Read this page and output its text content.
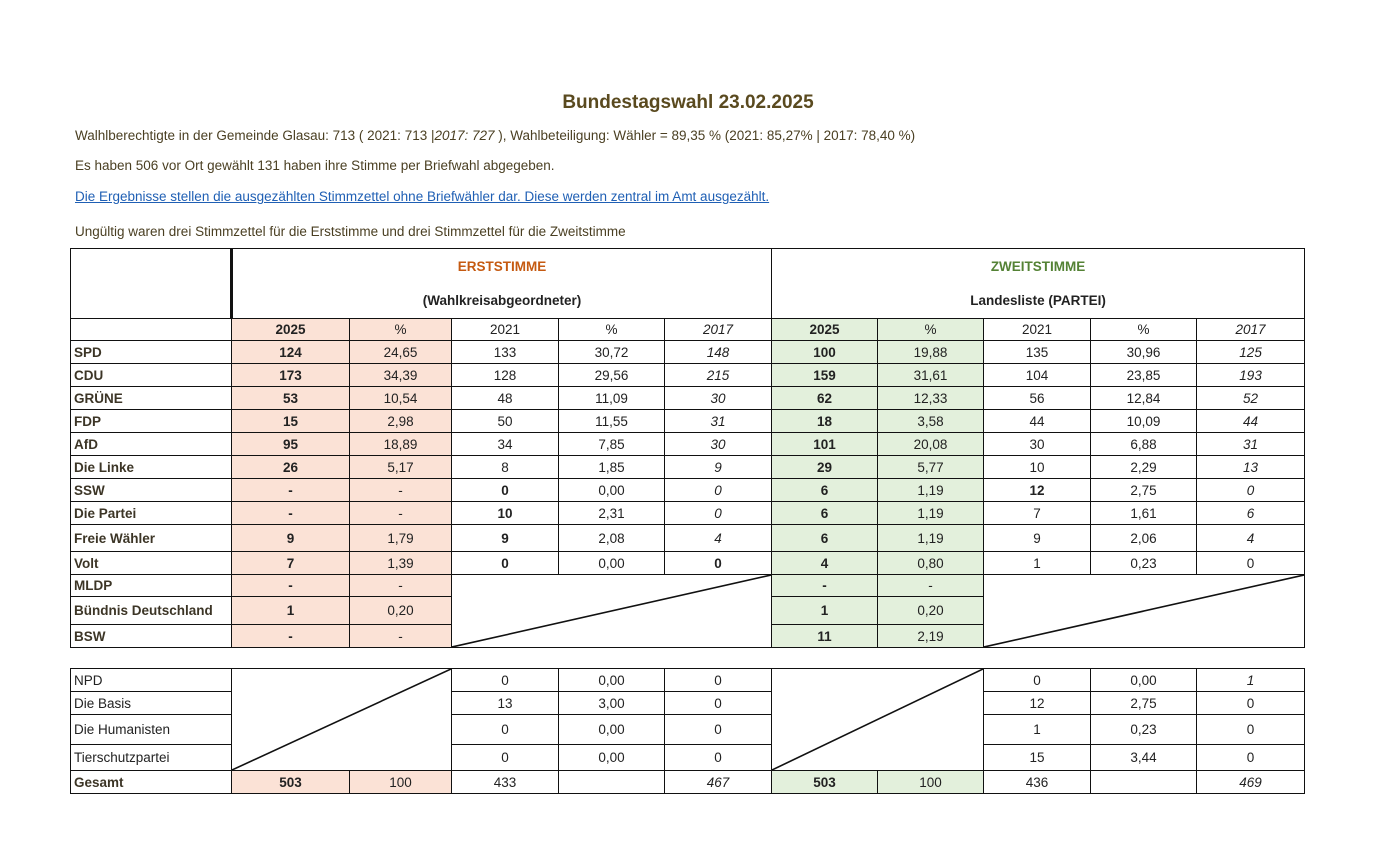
Bundestagswahl 23.02.2025
Walhlberechtigte in der Gemeinde Glasau: 713 ( 2021: 713 |2017: 727 ), Wahlbeteiligung: Wähler = 89,35 % (2021: 85,27% | 2017: 78,40 %)
Es haben 506 vor Ort gewählt 131 haben ihre Stimme per Briefwahl abgegeben.
Die Ergebnisse stellen die ausgezählten Stimmzettel ohne Briefwähler dar. Diese werden zentral im Amt ausgezählt.
Ungültig waren drei Stimmzettel für die Erststimme und drei Stimmzettel für die Zweitstimme
	ERSTSTIMME					ZWEITSTIMME				
	(Wahlkreisabgeordneter)					Landesliste (PARTEI)				
	2025	%	2021	%	2017	2025	%	2021	%	2017
SPD	124	24,65	133	30,72	148	100	19,88	135	30,96	125
CDU	173	34,39	128	29,56	215	159	31,61	104	23,85	193
GRÜNE	53	10,54	48	11,09	30	62	12,33	56	12,84	52
FDP	15	2,98	50	11,55	31	18	3,58	44	10,09	44
AfD	95	18,89	34	7,85	30	101	20,08	30	6,88	31
Die Linke	26	5,17	8	1,85	9	29	5,77	10	2,29	13
SSW	-	-	0	0,00	0	6	1,19	12	2,75	0
Die Partei	-	-	10	2,31	0	6	1,19	7	1,61	6
Freie Wähler	9	1,79	9	2,08	4	6	1,19	9	2,06	4
Volt	7	1,39	0	0,00	0	4	0,80	1	0,23	0
MLDP	-	-				-	-	

Bündnis Deutschland	1	0,20				1	0,20			
BSW	-	-				11	2,19			
NPD			0	0,00	0			0	0,00	1
Die Basis			13	3,00	0			12	2,75	0
Die Humanisten			0	0,00	0			1	0,23	0
Tierschutzpartei			0	0,00	0			15	3,44	0
Gesamt	503	100	433		467	503	100	436		469
